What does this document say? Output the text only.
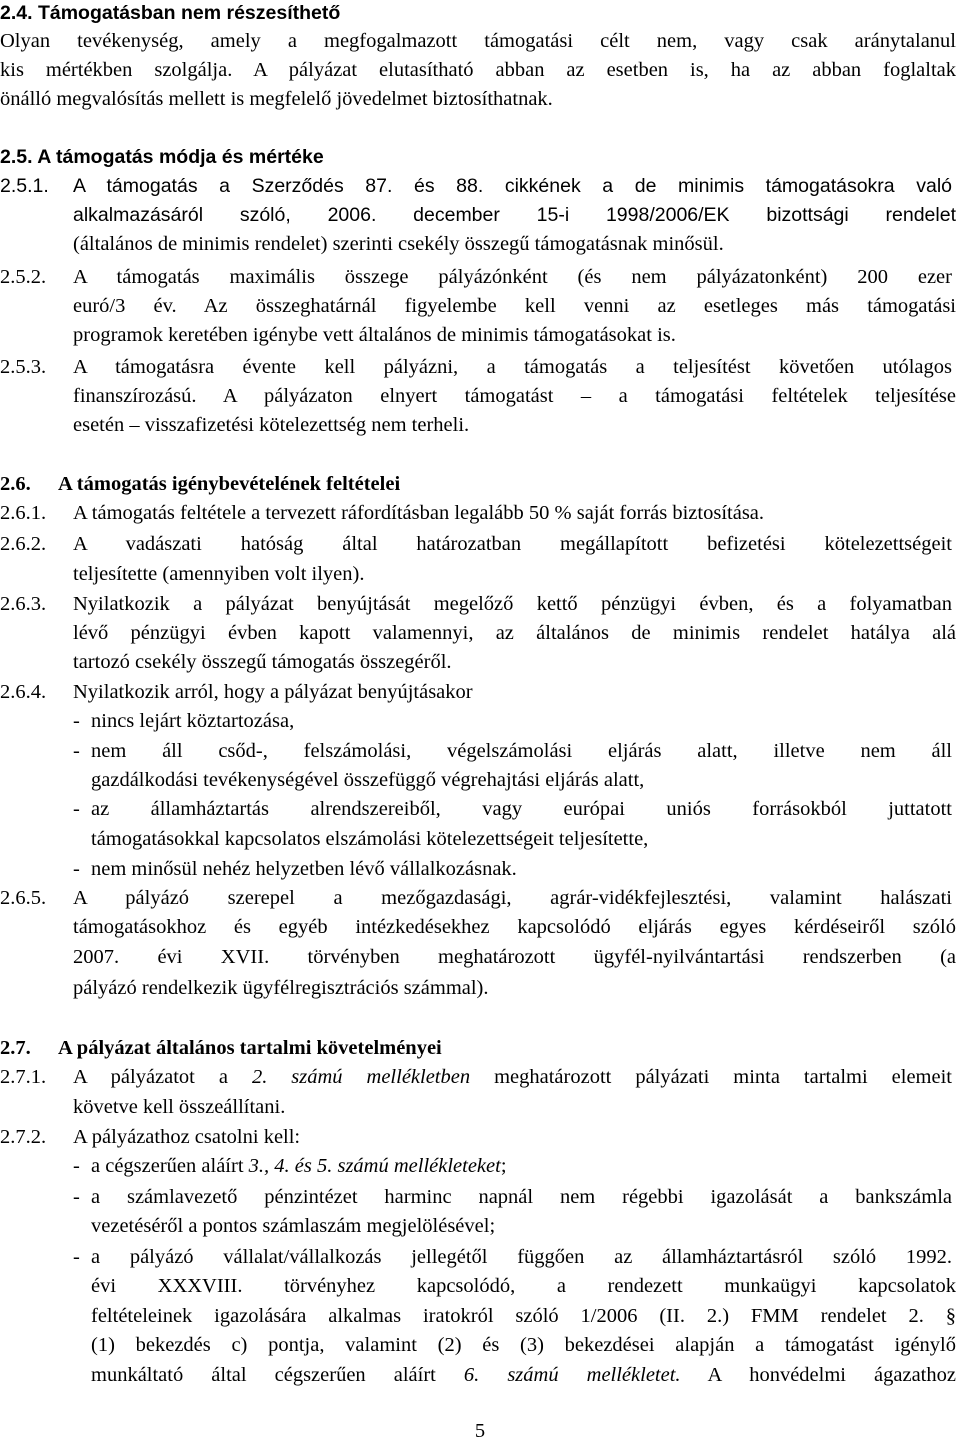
2.4. Támogatásban nem részesíthető
Olyan tevékenység, amely a megfogalmazott támogatási célt nem, vagy csak aránytalanul
kis mértékben szolgálja. A pályázat elutasítható abban az esetben is, ha az abban foglaltak
önálló megvalósítás mellett is megfelelő jövedelmet biztosíthatnak.
2.5. A támogatás módja és mértéke
2.5.1. A támogatás a Szerződés 87. és 88. cikkének a de minimis támogatásokra való
alkalmazásáról szóló, 2006. december 15-i 1998/2006/EK bizottsági rendelet
(általános de minimis rendelet) szerinti csekély összegű támogatásnak minősül.
2.5.2. A támogatás maximális összege pályázónként (és nem pályázatonként) 200 ezer
euró/3 év. Az összeghatárnál figyelembe kell venni az esetleges más támogatási
programok keretében igénybe vett általános de minimis támogatásokat is.
2.5.3. A támogatásra évente kell pályázni, a támogatás a teljesítést követően utólagos
finanszírozású. A pályázaton elnyert támogatást – a támogatási feltételek teljesítése
esetén – visszafizetési kötelezettség nem terheli.
2.6. A támogatás igénybevételének feltételei
2.6.1. A támogatás feltétele a tervezett ráfordításban legalább 50 % saját forrás biztosítása.
2.6.2. A vadászati hatóság által határozatban megállapított befizetési kötelezettségeit
teljesítette (amennyiben volt ilyen).
2.6.3. Nyilatkozik a pályázat benyújtását megelőző kettő pénzügyi évben, és a folyamatban
lévő pénzügyi évben kapott valamennyi, az általános de minimis rendelet hatálya alá
tartozó csekély összegű támogatás összegéről.
2.6.4. Nyilatkozik arról, hogy a pályázat benyújtásakor
- nincs lejárt köztartozása,
- nem áll csőd-, felszámolási, végelszámolási eljárás alatt, illetve nem áll
gazdálkodási tevékenységével összefüggő végrehajtási eljárás alatt,
- az államháztartás alrendszereiből, vagy európai uniós forrásokból juttatott
támogatásokkal kapcsolatos elszámolási kötelezettségeit teljesítette,
- nem minősül nehéz helyzetben lévő vállalkozásnak.
2.6.5. A pályázó szerepel a mezőgazdasági, agrár-vidékfejlesztési, valamint halászati
támogatásokhoz és egyéb intézkedésekhez kapcsolódó eljárás egyes kérdéseiről szóló
2007. évi XVII. törvényben meghatározott ügyfél-nyilvántartási rendszerben (a
pályázó rendelkezik ügyfélregisztrációs számmal).
2.7. A pályázat általános tartalmi követelményei
2.7.1. A pályázatot a 2. számú mellékletben meghatározott pályázati minta tartalmi elemeit
követve kell összeállítani.
2.7.2. A pályázathoz csatolni kell:
- a cégszerűen aláírt 3., 4. és 5. számú mellékleteket;
- a számlavezető pénzintézet harminc napnál nem régebbi igazolását a bankszámla
vezetéséről a pontos számlaszám megjelölésével;
- a pályázó vállalat/vállalkozás jellegétől függően az államháztartásról szóló 1992.
évi XXXVIII. törvényhez kapcsolódó, a rendezett munkaügyi kapcsolatok
feltételeinek igazolására alkalmas iratokról szóló 1/2006 (II. 2.) FMM rendelet 2. §
(1) bekezdés c) pontja, valamint (2) és (3) bekezdései alapján a támogatást igénylő
munkáltató által cégszerűen aláírt 6. számú mellékletet. A honvédelmi ágazathoz
5
